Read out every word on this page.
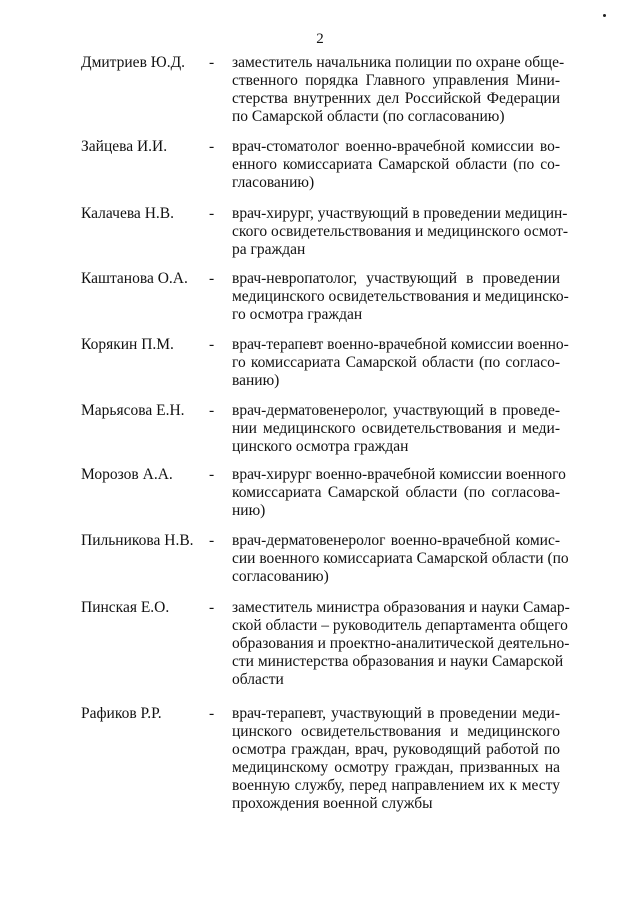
2
Дмитриев Ю.Д. - заместитель начальника полиции по охране обще-
ственного порядка Главного управления Мини-
стерства внутренних дел Российской Федерации
по Самарской области (по согласованию)
Зайцева И.И.	- врач-стоматолог военно-врачебной комиссии во-
енного комиссариата Самарской области (по со-
гласованию)
Калачева Н.В. - врач-хирург, участвующий в проведении медицин-
ского освидетельствования и медицинского осмот-
ра граждан
Каштанова О.А. - врач-невропатолог, участвующий в проведении
медицинского освидетельствования и медицинско-
го осмотра граждан
Корякин П.М. - врач-терапевт военно-врачебной комиссии военно-
го комиссариата Самарской области (по согласо-
ванию)
Марьясова Е.Н. - врач-дерматовенеролог, участвующий в проведе-
нии медицинского освидетельствования и меди-
цинского осмотра граждан
Морозов А.А. - врач-хирург военно-врачебной комиссии военного
комиссариата Самарской области (по согласова-
нию)
Пильникова Н.В. - врач-дерматовенеролог военно-врачебной комис-
сии военного комиссариата Самарской области (по
согласованию)
Пинская Е.О.	- заместитель министра образования и науки Самар-
ской области – руководитель департамента общего
образования и проектно-аналитической деятельно-
сти министерства образования и науки Самарской
области
Рафиков Р.Р.	- врач-терапевт, участвующий в проведении меди-
цинского освидетельствования и медицинского
осмотра граждан, врач, руководящий работой по
медицинскому осмотру граждан, призванных на
военную службу, перед направлением их к месту
прохождения военной службы
